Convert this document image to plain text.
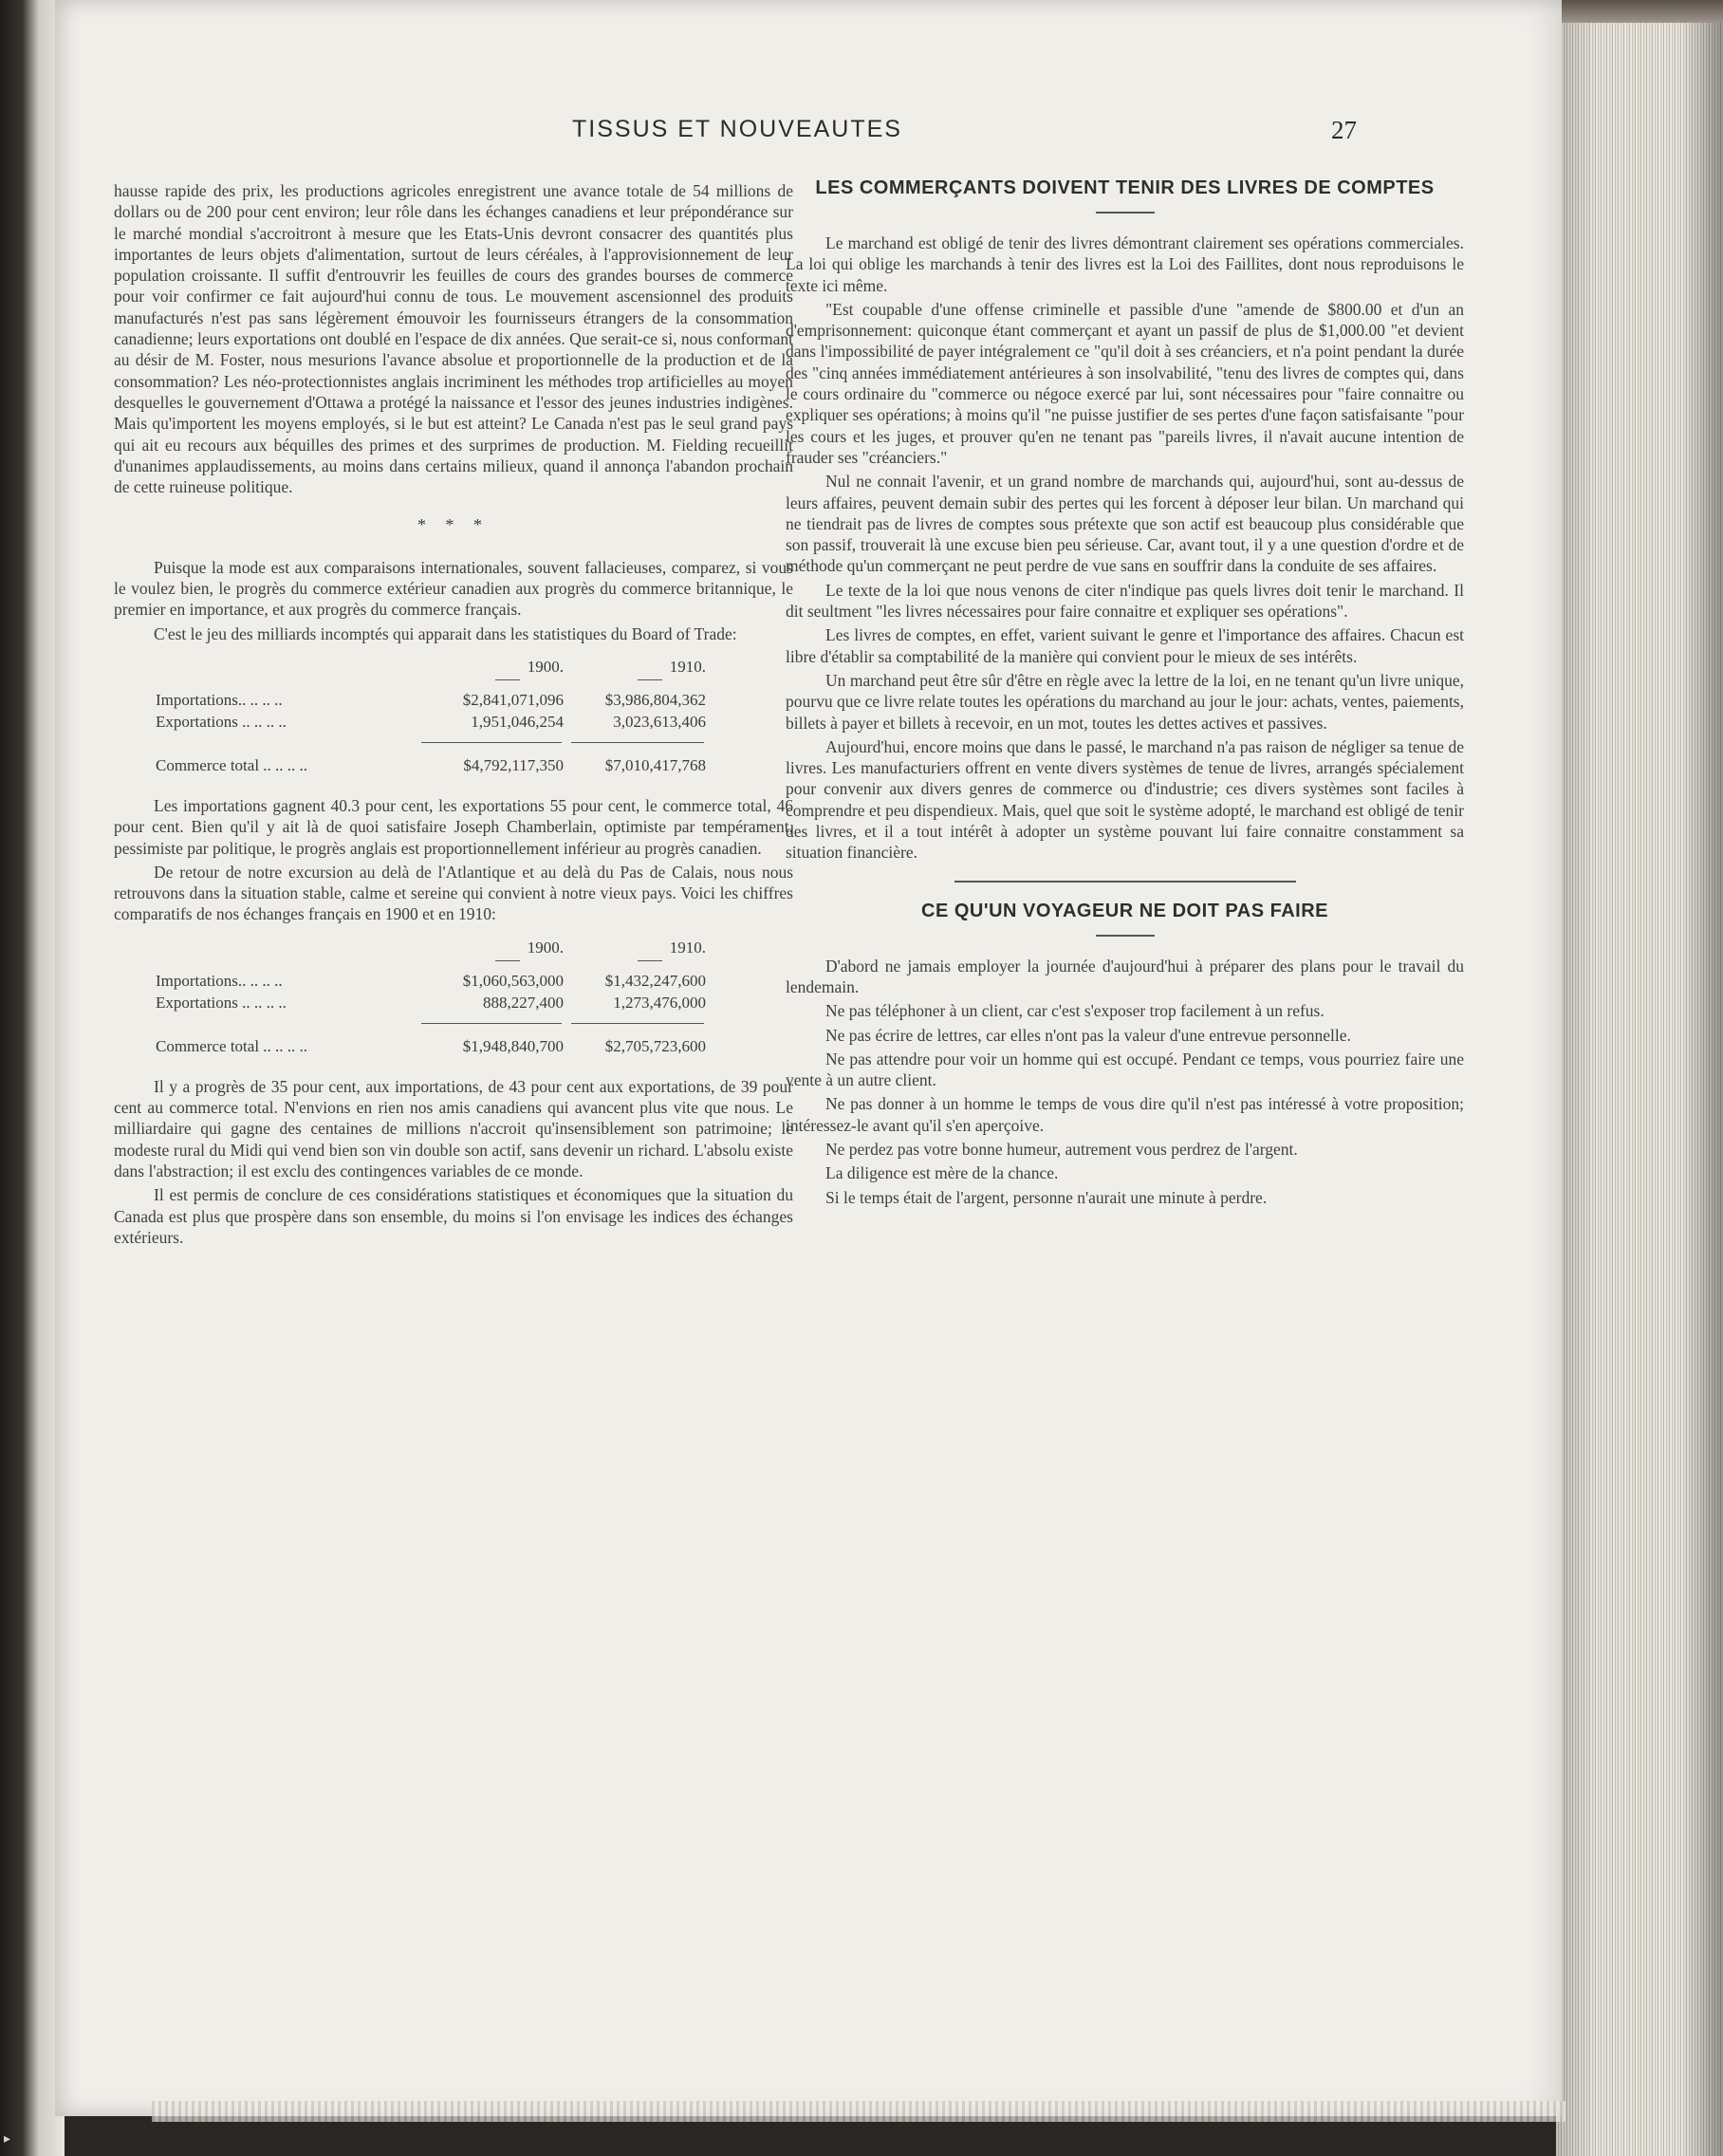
TISSUS ET NOUVEAUTES	27

hausse rapide des prix, les productions agricoles enregistrent une avance totale de 54 millions de dollars ou de 200 pour cent environ; leur rôle dans les échanges canadiens et leur prépondérance sur le marché mondial s'accroitront à mesure que les Etats-Unis devront consacrer des quantités plus importantes de leurs objets d'alimentation, surtout de leurs céréales, à l'approvisionnement de leur population croissante. Il suffit d'entrouvrir les feuilles de cours des grandes bourses de commerce pour voir confirmer ce fait aujourd'hui connu de tous. Le mouvement ascensionnel des produits manufacturés n'est pas sans légèrement émouvoir les fournisseurs étrangers de la consommation canadienne; leurs exportations ont doublé en l'espace de dix années. Que serait-ce si, nous conformant au désir de M. Foster, nous mesurions l'avance absolue et proportionnelle de la production et de la consommation? Les néo-protectionnistes anglais incriminent les méthodes trop artificielles au moyen desquelles le gouvernement d'Ottawa a protégé la naissance et l'essor des jeunes industries indigènes. Mais qu'importent les moyens employés, si le but est atteint? Le Canada n'est pas le seul grand pays qui ait eu recours aux béquilles des primes et des surprimes de production. M. Fielding recueillit d'unanimes applaudissements, au moins dans certains milieux, quand il annonça l'abandon prochain de cette ruineuse politique.

* * *

Puisque la mode est aux comparaisons internationales, souvent fallacieuses, comparez, si vous le voulez bien, le progrès du commerce extérieur canadien aux progrès du commerce britannique, le premier en importance, et aux progrès du commerce français.

C'est le jeu des milliards incomptés qui apparait dans les statistiques du Board of Trade:

1900.	1910.
Importations.. .. .. ..	$2,841,071,096	$3,986,804,362
Exportations .. .. .. ..	1,951,046,254	3,023,613,406
Commerce total .. .. .. ..	$4,792,117,350	$7,010,417,768

Les importations gagnent 40.3 pour cent, les exportations 55 pour cent, le commerce total, 46 pour cent. Bien qu'il y ait là de quoi satisfaire Joseph Chamberlain, optimiste par tempérament, pessimiste par politique, le progrès anglais est proportionnellement inférieur au progrès canadien.

De retour de notre excursion au delà de l'Atlantique et au delà du Pas de Calais, nous nous retrouvons dans la situation stable, calme et sereine qui convient à notre vieux pays. Voici les chiffres comparatifs de nos échanges français en 1900 et en 1910:

1900.	1910.
Importations.. .. .. ..	$1,060,563,000	$1,432,247,600
Exportations .. .. .. ..	888,227,400	1,273,476,000
Commerce total .. .. .. ..	$1,948,840,700	$2,705,723,600

Il y a progrès de 35 pour cent, aux importations, de 43 pour cent aux exportations, de 39 pour cent au commerce total. N'envions en rien nos amis canadiens qui avancent plus vite que nous. Le milliardaire qui gagne des centaines de millions n'accroit qu'insensiblement son patrimoine; le modeste rural du Midi qui vend bien son vin double son actif, sans devenir un richard. L'absolu existe dans l'abstraction; il est exclu des contingences variables de ce monde.

Il est permis de conclure de ces considérations statistiques et économiques que la situation du Canada est plus que prospère dans son ensemble, du moins si l'on envisage les indices des échanges extérieurs.

LES COMMERÇANTS DOIVENT TENIR DES LIVRES DE COMPTES

Le marchand est obligé de tenir des livres démontrant clairement ses opérations commerciales. La loi qui oblige les marchands à tenir des livres est la Loi des Faillites, dont nous reproduisons le texte ici même.

"Est coupable d'une offense criminelle et passible d'une "amende de $800.00 et d'un an d'emprisonnement: quiconque étant commerçant et ayant un passif de plus de $1,000.00 "et devient dans l'impossibilité de payer intégralement ce "qu'il doit à ses créanciers, et n'a point pendant la durée des "cinq années immédiatement antérieures à son insolvabilité, "tenu des livres de comptes qui, dans le cours ordinaire du "commerce ou négoce exercé par lui, sont nécessaires pour "faire connaitre ou expliquer ses opérations; à moins qu'il "ne puisse justifier de ses pertes d'une façon satisfaisante "pour les cours et les juges, et prouver qu'en ne tenant pas "pareils livres, il n'avait aucune intention de frauder ses "créanciers."

Nul ne connait l'avenir, et un grand nombre de marchands qui, aujourd'hui, sont au-dessus de leurs affaires, peuvent demain subir des pertes qui les forcent à déposer leur bilan. Un marchand qui ne tiendrait pas de livres de comptes sous prétexte que son actif est beaucoup plus considérable que son passif, trouverait là une excuse bien peu sérieuse. Car, avant tout, il y a une question d'ordre et de méthode qu'un commerçant ne peut perdre de vue sans en souffrir dans la conduite de ses affaires.

Le texte de la loi que nous venons de citer n'indique pas quels livres doit tenir le marchand. Il dit seultment "les livres nécessaires pour faire connaitre et expliquer ses opérations".

Les livres de comptes, en effet, varient suivant le genre et l'importance des affaires. Chacun est libre d'établir sa comptabilité de la manière qui convient pour le mieux de ses intérêts.

Un marchand peut être sûr d'être en règle avec la lettre de la loi, en ne tenant qu'un livre unique, pourvu que ce livre relate toutes les opérations du marchand au jour le jour: achats, ventes, paiements, billets à payer et billets à recevoir, en un mot, toutes les dettes actives et passives.

Aujourd'hui, encore moins que dans le passé, le marchand n'a pas raison de négliger sa tenue de livres. Les manufacturiers offrent en vente divers systèmes de tenue de livres, arrangés spécialement pour convenir aux divers genres de commerce ou d'industrie; ces divers systèmes sont faciles à comprendre et peu dispendieux. Mais, quel que soit le système adopté, le marchand est obligé de tenir des livres, et il a tout intérêt à adopter un système pouvant lui faire connaitre constamment sa situation financière.

CE QU'UN VOYAGEUR NE DOIT PAS FAIRE

D'abord ne jamais employer la journée d'aujourd'hui à préparer des plans pour le travail du lendemain.

Ne pas téléphoner à un client, car c'est s'exposer trop facilement à un refus.

Ne pas écrire de lettres, car elles n'ont pas la valeur d'une entrevue personnelle.

Ne pas attendre pour voir un homme qui est occupé. Pendant ce temps, vous pourriez faire une vente à un autre client.

Ne pas donner à un homme le temps de vous dire qu'il n'est pas intéressé à votre proposition; intéressez-le avant qu'il s'en aperçoive.

Ne perdez pas votre bonne humeur, autrement vous perdrez de l'argent.

La diligence est mère de la chance.

Si le temps était de l'argent, personne n'aurait une minute à perdre.

▸
